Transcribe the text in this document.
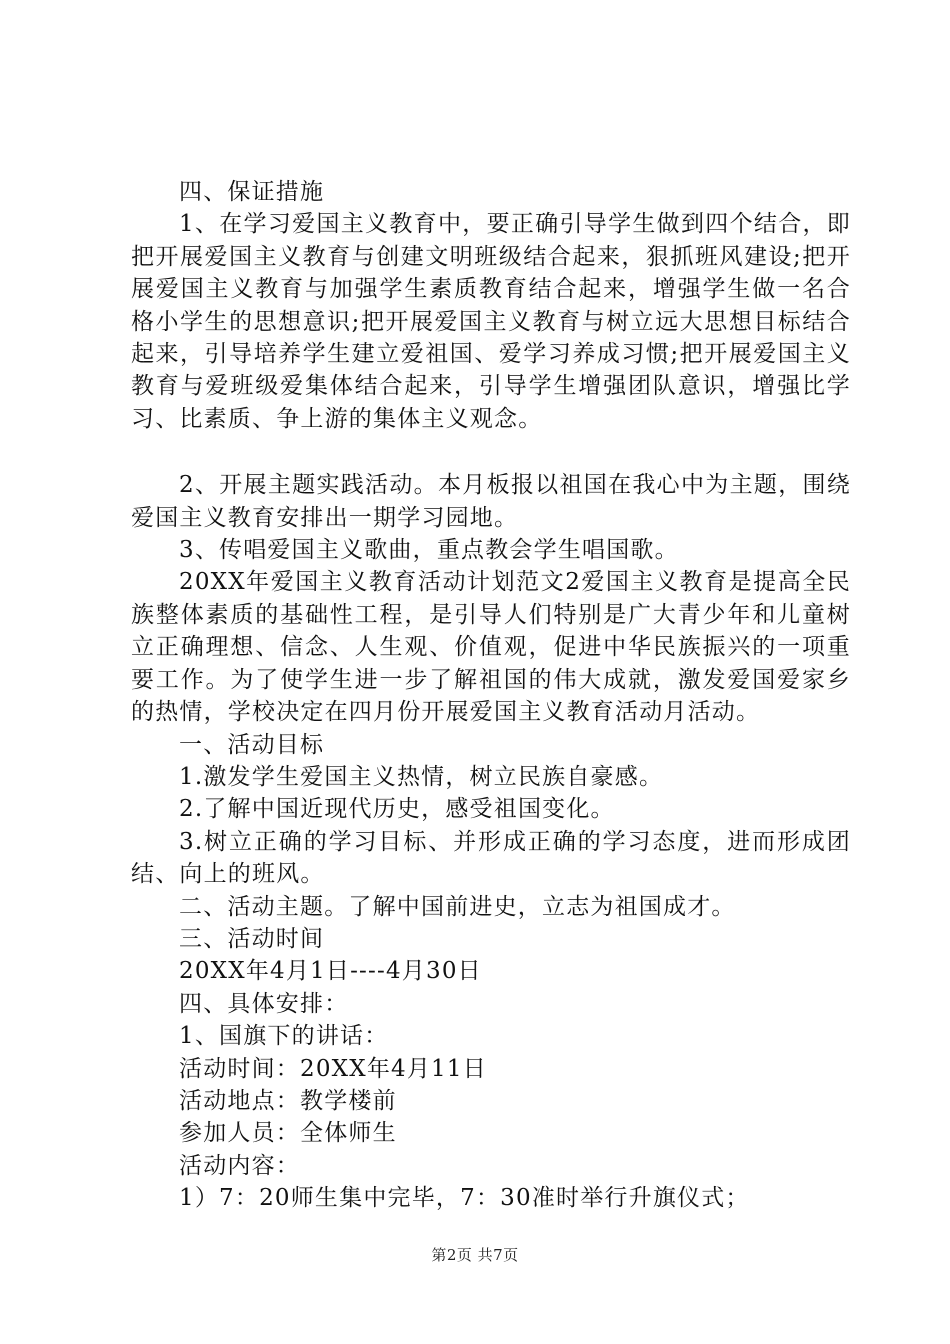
四、保证措施

1、在学习爱国主义教育中，要正确引导学生做到四个结合，即把开展爱国主义教育与创建文明班级结合起来，狠抓班风建设;把开展爱国主义教育与加强学生素质教育结合起来，增强学生做一名合格小学生的思想意识;把开展爱国主义教育与树立远大思想目标结合起来，引导培养学生建立爱祖国、爱学习养成习惯;把开展爱国主义教育与爱班级爱集体结合起来，引导学生增强团队意识，增强比学习、比素质、争上游的集体主义观念。

2、开展主题实践活动。本月板报以祖国在我心中为主题，围绕爱国主义教育安排出一期学习园地。

3、传唱爱国主义歌曲，重点教会学生唱国歌。

20XX年爱国主义教育活动计划范文2爱国主义教育是提高全民族整体素质的基础性工程，是引导人们特别是广大青少年和儿童树立正确理想、信念、人生观、价值观，促进中华民族振兴的一项重要工作。为了使学生进一步了解祖国的伟大成就，激发爱国爱家乡的热情，学校决定在四月份开展爱国主义教育活动月活动。

一、活动目标

1.激发学生爱国主义热情，树立民族自豪感。

2.了解中国近现代历史，感受祖国变化。

3.树立正确的学习目标、并形成正确的学习态度，进而形成团结、向上的班风。

二、活动主题。了解中国前进史，立志为祖国成才。

三、活动时间

20XX年4月1日----4月30日

四、具体安排：

1、国旗下的讲话：

活动时间：20XX年4月11日

活动地点：教学楼前

参加人员：全体师生

活动内容：

1）7：20师生集中完毕，7：30准时举行升旗仪式；

第2页 共7页
